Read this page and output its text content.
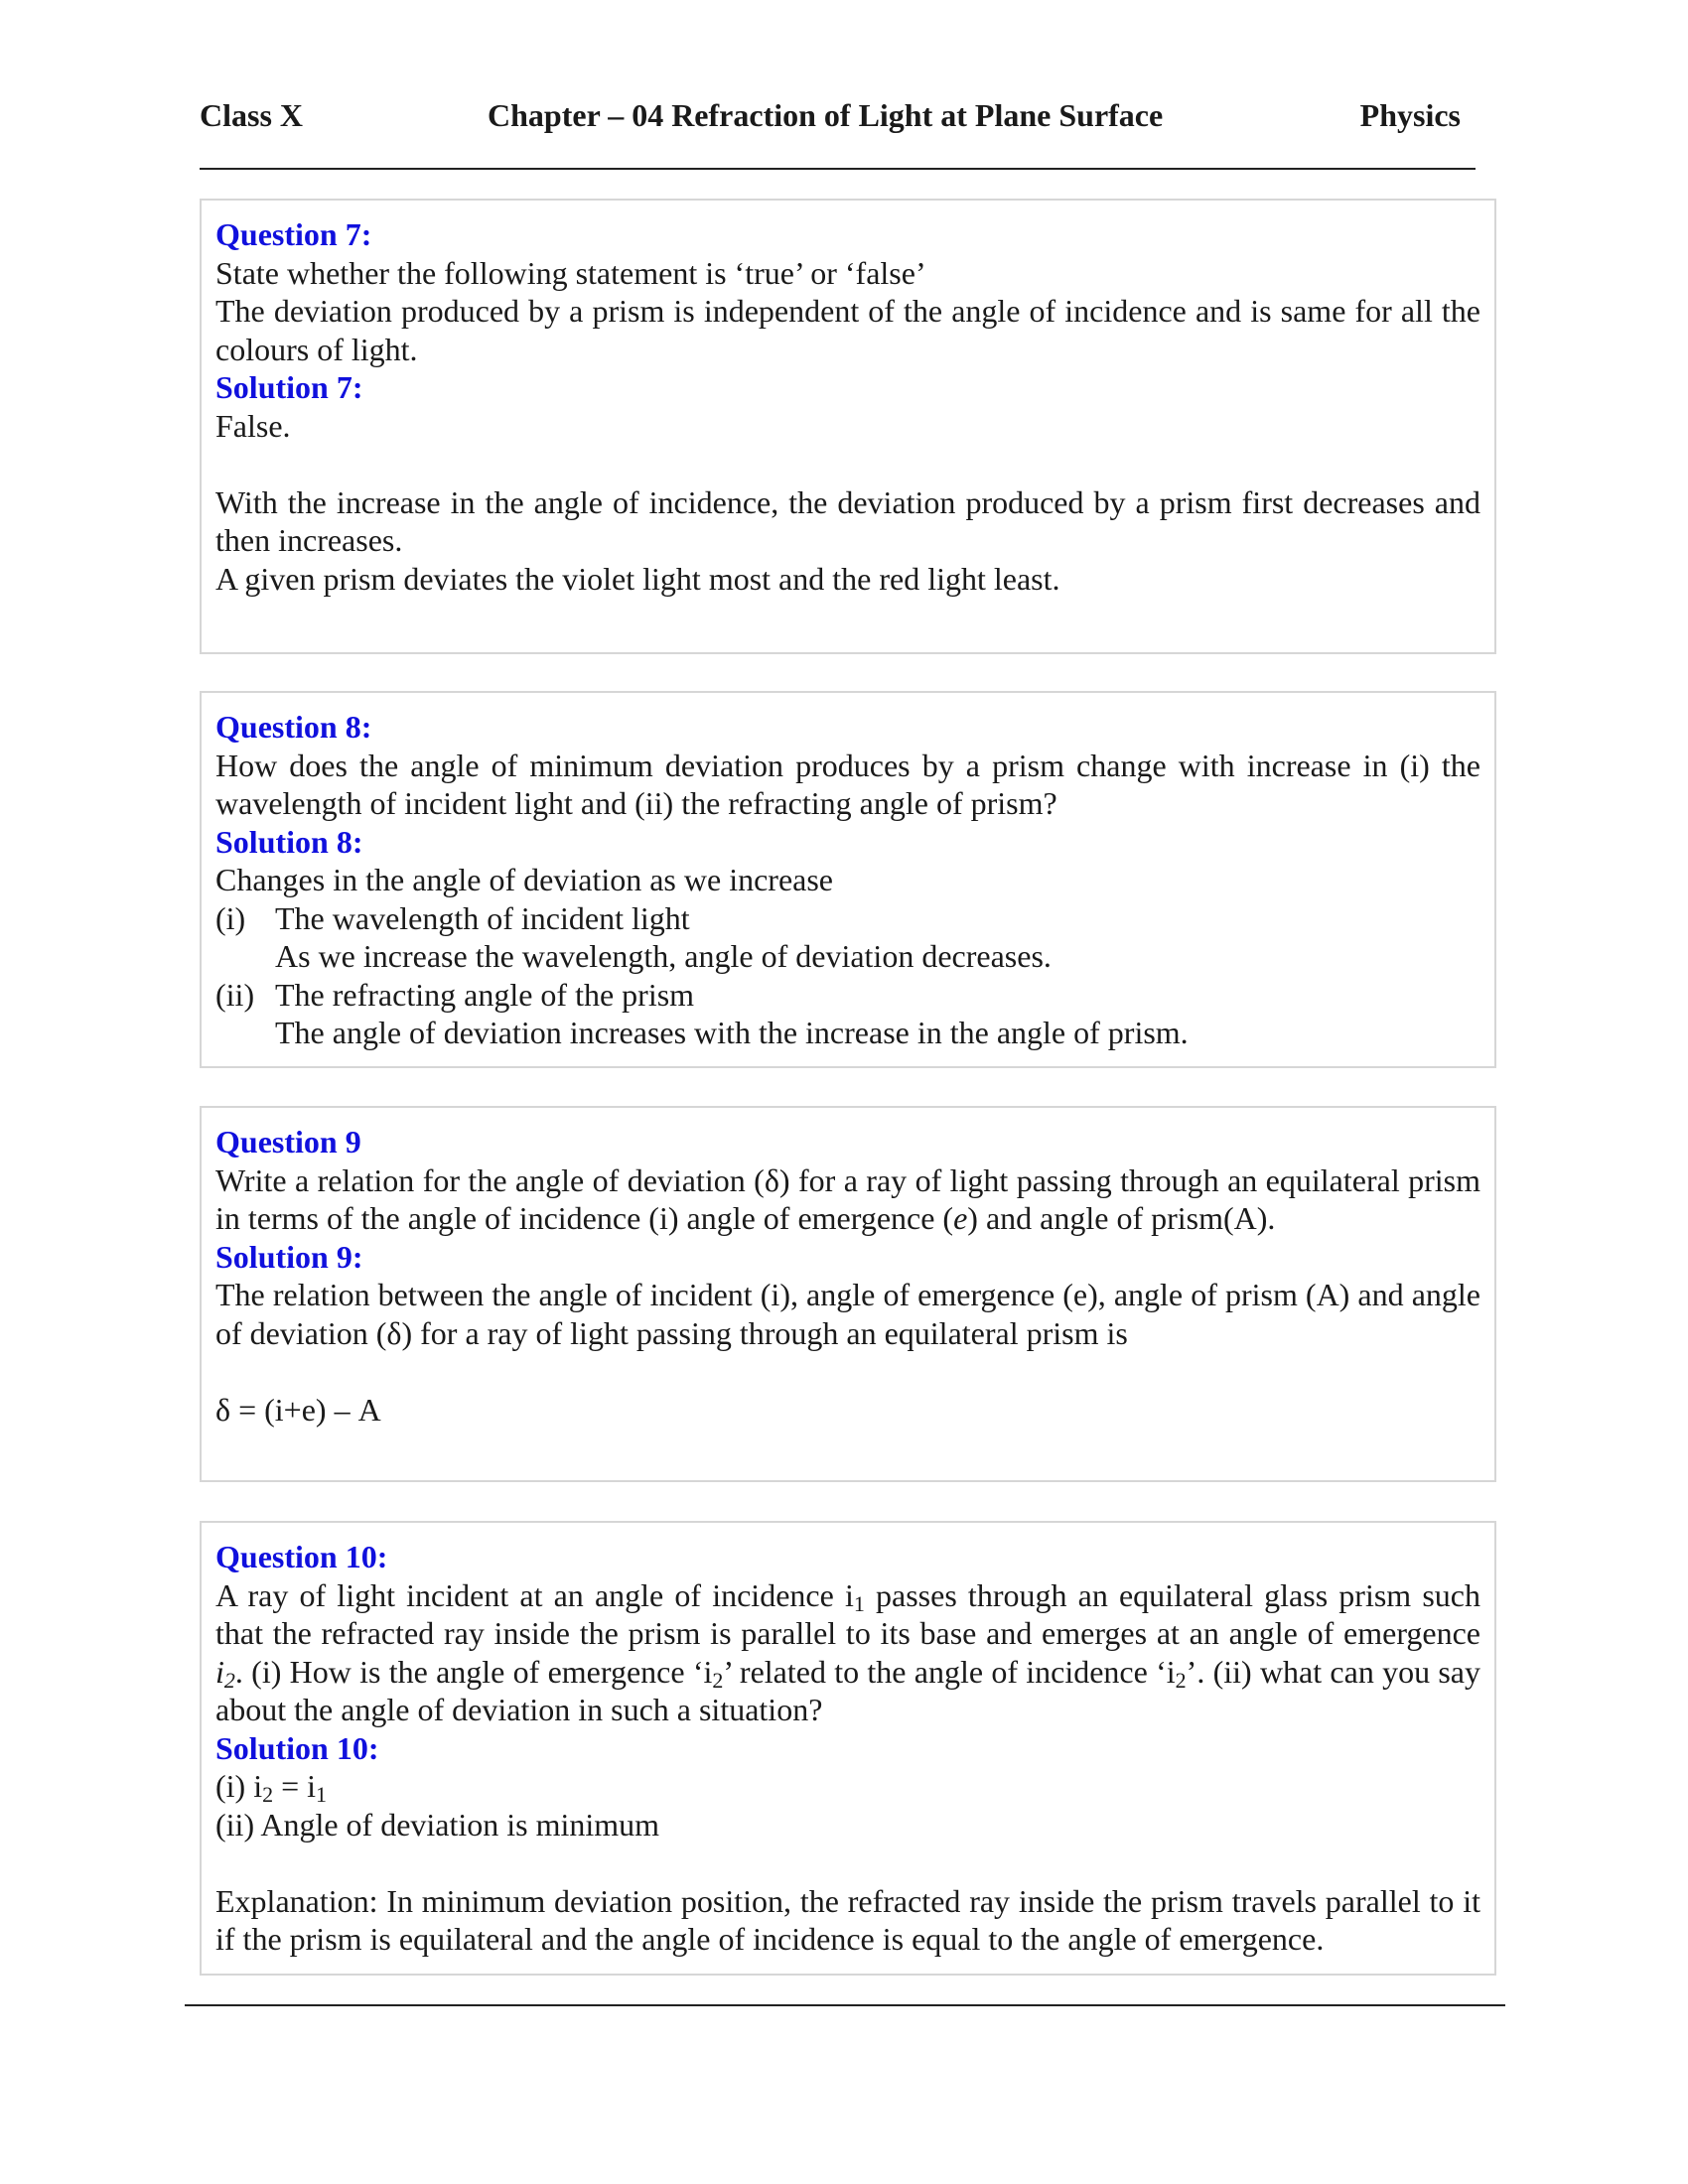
Class X	Chapter – 04 Refraction of Light at Plane Surface	Physics
Question 7:
State whether the following statement is ‘true’ or ‘false’
The deviation produced by a prism is independent of the angle of incidence and is same for all the colours of light.
Solution 7:
False.
With the increase in the angle of incidence, the deviation produced by a prism first decreases and then increases.
A given prism deviates the violet light most and the red light least.
Question 8:
How does the angle of minimum deviation produces by a prism change with increase in (i) the wavelength of incident light and (ii) the refracting angle of prism?
Solution 8:
Changes in the angle of deviation as we increase
(i) The wavelength of incident light
As we increase the wavelength, angle of deviation decreases.
(ii) The refracting angle of the prism
The angle of deviation increases with the increase in the angle of prism.
Question 9
Write a relation for the angle of deviation (δ) for a ray of light passing through an equilateral prism in terms of the angle of incidence (i) angle of emergence (e) and angle of prism(A).
Solution 9:
The relation between the angle of incident (i), angle of emergence (e), angle of prism (A) and angle of deviation (δ) for a ray of light passing through an equilateral prism is
δ = (i+e) – A
Question 10:
A ray of light incident at an angle of incidence $i_1$ passes through an equilateral glass prism such that the refracted ray inside the prism is parallel to its base and emerges at an angle of emergence $i_2$. (i) How is the angle of emergence ‘$i_2$’ related to the angle of incidence ‘$i_2$’. (ii) what can you say about the angle of deviation in such a situation?
Solution 10:
(i) $i_2 = i_1$
(ii) Angle of deviation is minimum
Explanation: In minimum deviation position, the refracted ray inside the prism travels parallel to it if the prism is equilateral and the angle of incidence is equal to the angle of emergence.
